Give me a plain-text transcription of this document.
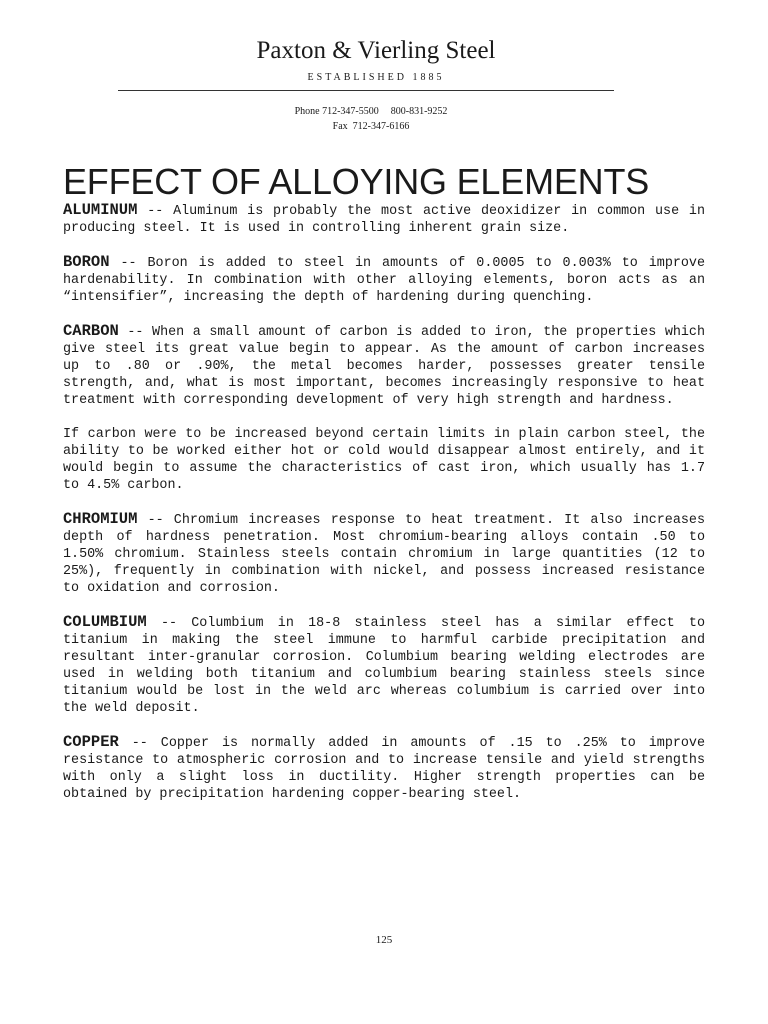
Paxton & Vierling Steel
ESTABLISHED 1885
Phone 712-347-5500 800-831-9252
Fax 712-347-6166
EFFECT OF ALLOYING ELEMENTS

ALUMINUM -- Aluminum is probably the most active deoxidizer in common use in producing steel. It is used in controlling inherent grain size.

BORON -- Boron is added to steel in amounts of 0.0005 to 0.003% to improve hardenability. In combination with other alloying elements, boron acts as an “intensifier”, increasing the depth of hardening during quenching.

CARBON -- When a small amount of carbon is added to iron, the properties which give steel its great value begin to appear. As the amount of carbon increases up to .80 or .90%, the metal becomes harder, possesses greater tensile strength, and, what is most important, becomes increasingly responsive to heat treatment with corresponding development of very high strength and hardness.

If carbon were to be increased beyond certain limits in plain carbon steel, the ability to be worked either hot or cold would disappear almost entirely, and it would begin to assume the characteristics of cast iron, which usually has 1.7 to 4.5% carbon.

CHROMIUM -- Chromium increases response to heat treatment. It also increases depth of hardness penetration. Most chromium-bearing alloys contain .50 to 1.50% chromium. Stainless steels contain chromium in large quantities (12 to 25%), frequently in combination with nickel, and possess increased resistance to oxidation and corrosion.

COLUMBIUM -- Columbium in 18-8 stainless steel has a similar effect to titanium in making the steel immune to harmful carbide precipitation and resultant inter-granular corrosion. Columbium bearing welding electrodes are used in welding both titanium and columbium bearing stainless steels since titanium would be lost in the weld arc whereas columbium is carried over into the weld deposit.

COPPER -- Copper is normally added in amounts of .15 to .25% to improve resistance to atmospheric corrosion and to increase tensile and yield strengths with only a slight loss in ductility. Higher strength properties can be obtained by precipitation hardening copper-bearing steel.

125
